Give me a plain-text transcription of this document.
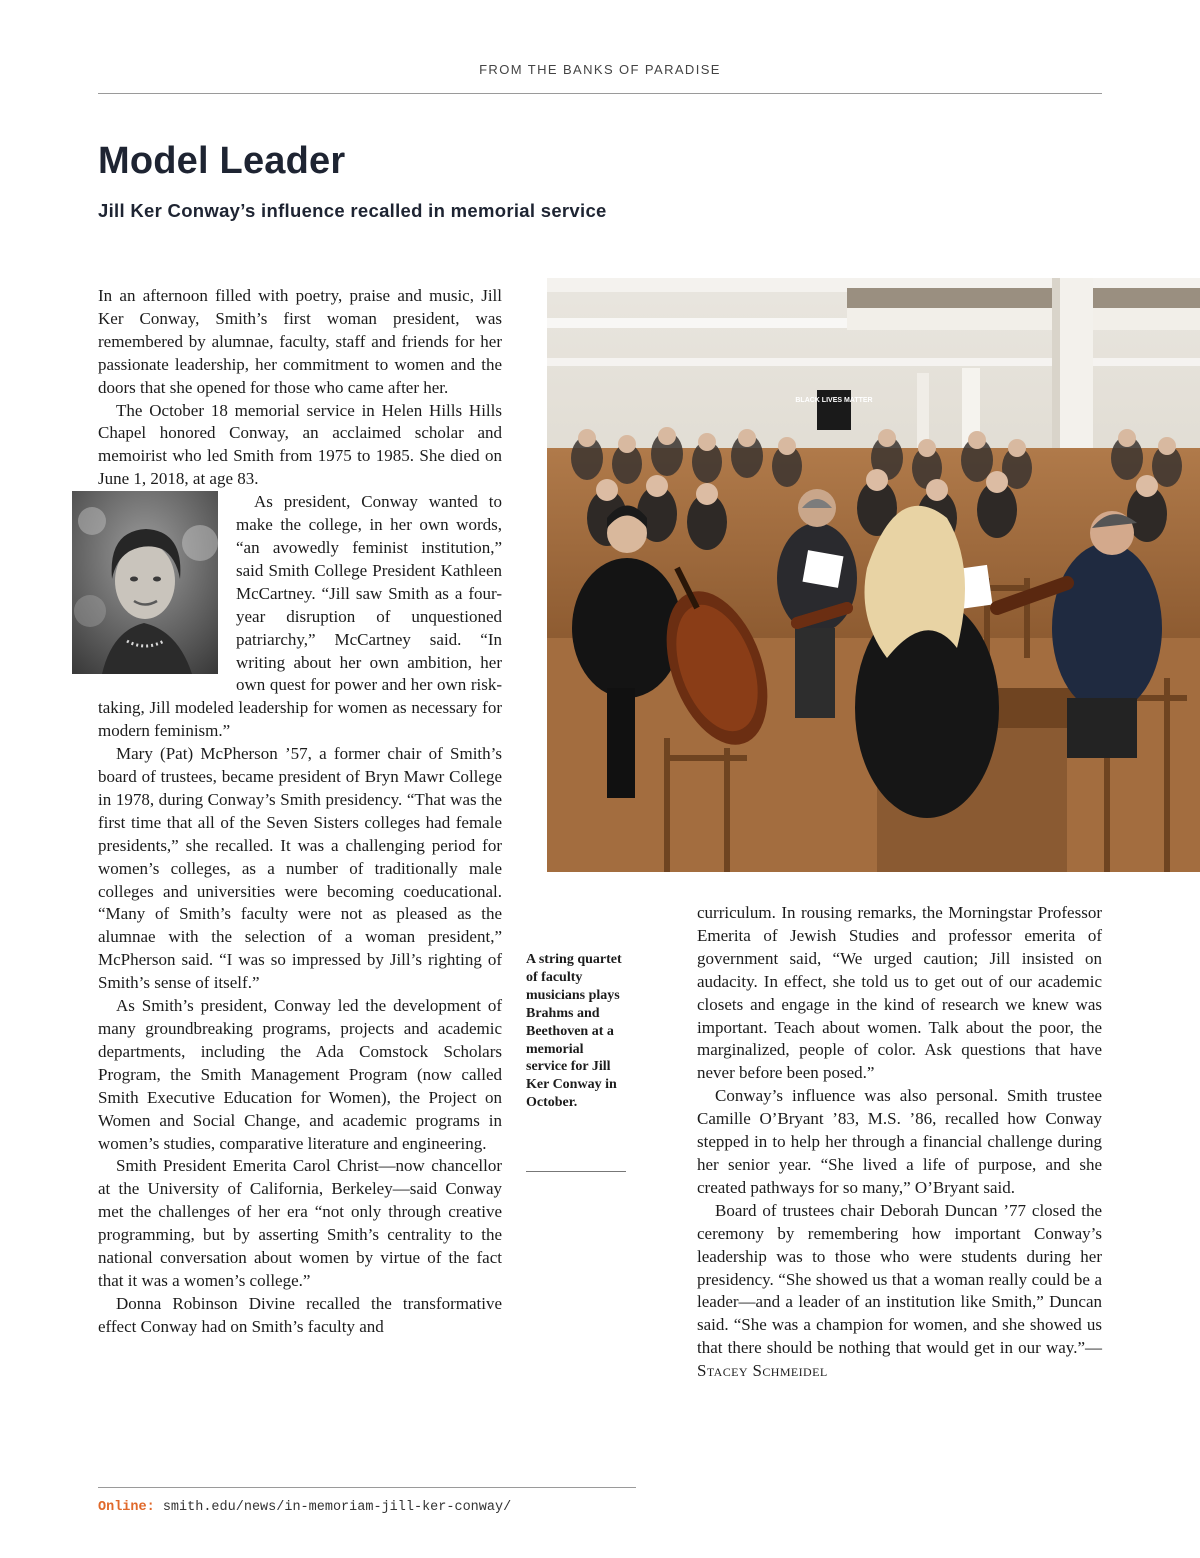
FROM THE BANKS OF PARADISE
Model Leader
Jill Ker Conway’s influence recalled in memorial service

In an afternoon filled with poetry, praise and music, Jill Ker Conway, Smith’s first woman president, was remembered by alumnae, faculty, staff and friends for her passionate leadership, her commitment to women and the doors that she opened for those who came after her.

The October 18 memorial service in Helen Hills Hills Chapel honored Conway, an acclaimed scholar and memoirist who led Smith from 1975 to 1985. She died on June 1, 2018, at age 83.

As president, Conway wanted to make the college, in her own words, “an avowedly feminist institution,” said Smith College President Kathleen McCartney. “Jill saw Smith as a four-year disruption of unquestioned patriarchy,” McCartney said. “In writing about her own ambition, her own quest for power and her own risk-taking, Jill modeled leadership for women as necessary for modern feminism.”

Mary (Pat) McPherson ’57, a former chair of Smith’s board of trustees, became president of Bryn Mawr College in 1978, during Conway’s Smith presidency. “That was the first time that all of the Seven Sisters colleges had female presidents,” she recalled. It was a challenging period for women’s colleges, as a number of traditionally male colleges and universities were becoming coeducational. “Many of Smith’s faculty were not as pleased as the alumnae with the selection of a woman president,” McPherson said. “I was so impressed by Jill’s righting of Smith’s sense of itself.”

As Smith’s president, Conway led the development of many groundbreaking programs, projects and academic departments, including the Ada Comstock Scholars Program, the Smith Management Program (now called Smith Executive Education for Women), the Project on Women and Social Change, and academic programs in women’s studies, comparative literature and engineering.

Smith President Emerita Carol Christ—now chancellor at the University of California, Berkeley—said Conway met the challenges of her era “not only through creative programming, but by asserting Smith’s centrality to the national conversation about women by virtue of the fact that it was a women’s college.”

Donna Robinson Divine recalled the transformative effect Conway had on Smith’s faculty and

BLACK LIVES MATTER

A string quartet of faculty musicians plays Brahms and Beethoven at a memorial service for Jill Ker Conway in October.

curriculum. In rousing remarks, the Morningstar Professor Emerita of Jewish Studies and professor emerita of government said, “We urged caution; Jill insisted on audacity. In effect, she told us to get out of our academic closets and engage in the kind of research we knew was important. Teach about women. Talk about the poor, the marginalized, people of color. Ask questions that have never before been posed.”

Conway’s influence was also personal. Smith trustee Camille O’Bryant ’83, M.S. ’86, recalled how Conway stepped in to help her through a financial challenge during her senior year. “She lived a life of purpose, and she created pathways for so many,” O’Bryant said.

Board of trustees chair Deborah Duncan ’77 closed the ceremony by remembering how important Conway’s leadership was to those who were students during her presidency. “She showed us that a woman really could be a leader—and a leader of an institution like Smith,” Duncan said. “She was a champion for women, and she showed us that there should be nothing that would get in our way.”—Stacey Schmeidel

Online: smith.edu/news/in-memoriam-jill-ker-conway/
